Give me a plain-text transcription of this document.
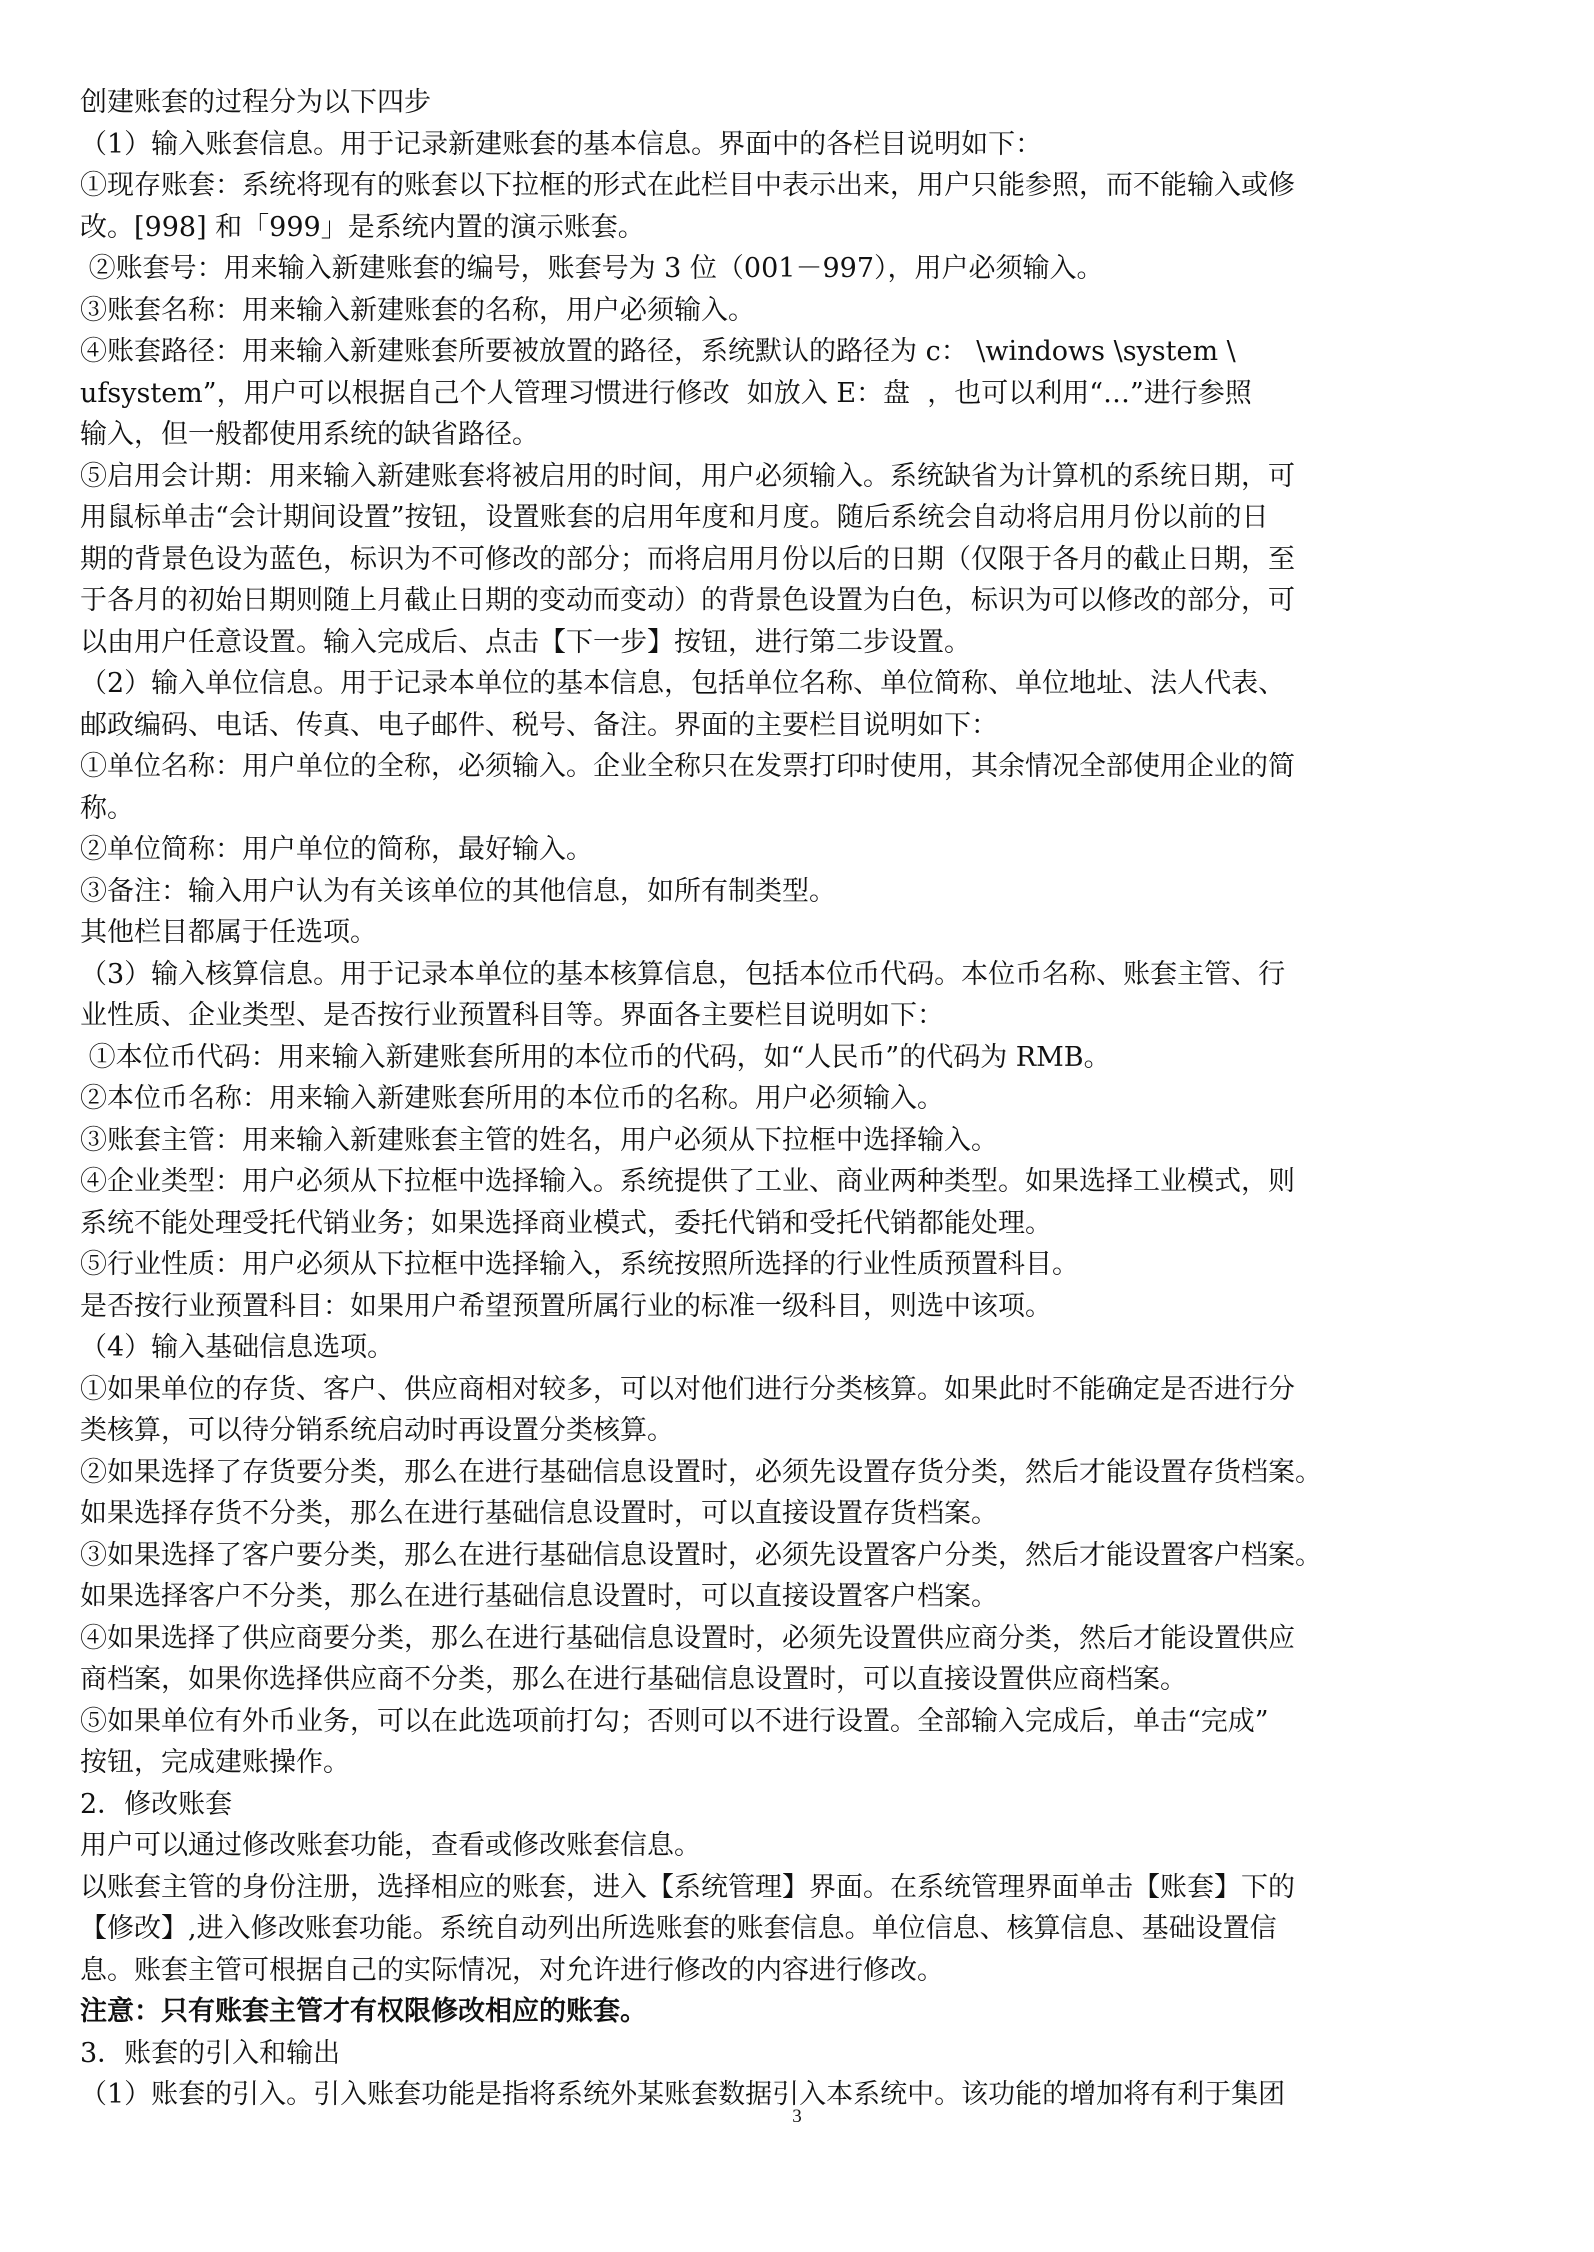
创建账套的过程分为以下四步
（1）输入账套信息。用于记录新建账套的基本信息。界面中的各栏目说明如下：
①现存账套：系统将现有的账套以下拉框的形式在此栏目中表示出来，用户只能参照，而不能输入或修
改。[998] 和「999」是系统内置的演示账套。
②账套号：用来输入新建账套的编号，账套号为 3 位（001－997），用户必须输入。
③账套名称：用来输入新建账套的名称，用户必须输入。
④账套路径：用来输入新建账套所要被放置的路径，系统默认的路径为 c： \windows \system \
ufsystem”，用户可以根据自己个人管理习惯进行修改  如放入 E：盘  ，也可以利用“…”进行参照
输入，但一般都使用系统的缺省路径。
⑤启用会计期：用来输入新建账套将被启用的时间，用户必须输入。系统缺省为计算机的系统日期，可
用鼠标单击“会计期间设置”按钮，设置账套的启用年度和月度。随后系统会自动将启用月份以前的日
期的背景色设为蓝色，标识为不可修改的部分；而将启用月份以后的日期（仅限于各月的截止日期，至
于各月的初始日期则随上月截止日期的变动而变动）的背景色设置为白色，标识为可以修改的部分，可
以由用户任意设置。输入完成后、点击【下一步】按钮，进行第二步设置。
（2）输入单位信息。用于记录本单位的基本信息，包括单位名称、单位简称、单位地址、法人代表、
邮政编码、电话、传真、电子邮件、税号、备注。界面的主要栏目说明如下：
①单位名称：用户单位的全称，必须输入。企业全称只在发票打印时使用，其余情况全部使用企业的简
称。
②单位简称：用户单位的简称，最好输入。
③备注：输入用户认为有关该单位的其他信息，如所有制类型。
其他栏目都属于任选项。
（3）输入核算信息。用于记录本单位的基本核算信息，包括本位币代码。本位币名称、账套主管、行
业性质、企业类型、是否按行业预置科目等。界面各主要栏目说明如下：
①本位币代码：用来输入新建账套所用的本位币的代码，如“人民币”的代码为 RMB。
②本位币名称：用来输入新建账套所用的本位币的名称。用户必须输入。
③账套主管：用来输入新建账套主管的姓名，用户必须从下拉框中选择输入。
④企业类型：用户必须从下拉框中选择输入。系统提供了工业、商业两种类型。如果选择工业模式，则
系统不能处理受托代销业务；如果选择商业模式，委托代销和受托代销都能处理。
⑤行业性质：用户必须从下拉框中选择输入，系统按照所选择的行业性质预置科目。
是否按行业预置科目：如果用户希望预置所属行业的标准一级科目，则选中该项。
（4）输入基础信息选项。
①如果单位的存货、客户、供应商相对较多，可以对他们进行分类核算。如果此时不能确定是否进行分
类核算，可以待分销系统启动时再设置分类核算。
②如果选择了存货要分类，那么在进行基础信息设置时，必须先设置存货分类，然后才能设置存货档案。
如果选择存货不分类，那么在进行基础信息设置时，可以直接设置存货档案。
③如果选择了客户要分类，那么在进行基础信息设置时，必须先设置客户分类，然后才能设置客户档案。
如果选择客户不分类，那么在进行基础信息设置时，可以直接设置客户档案。
④如果选择了供应商要分类，那么在进行基础信息设置时，必须先设置供应商分类，然后才能设置供应
商档案，如果你选择供应商不分类，那么在进行基础信息设置时，可以直接设置供应商档案。
⑤如果单位有外币业务，可以在此选项前打勾；否则可以不进行设置。全部输入完成后，单击“完成”
按钮，完成建账操作。
2．修改账套
用户可以通过修改账套功能，查看或修改账套信息。
以账套主管的身份注册，选择相应的账套，进入【系统管理】界面。在系统管理界面单击【账套】下的
【修改】,进入修改账套功能。系统自动列出所选账套的账套信息。单位信息、核算信息、基础设置信
息。账套主管可根据自己的实际情况，对允许进行修改的内容进行修改。
注意：只有账套主管才有权限修改相应的账套。
3．账套的引入和输出
（1）账套的引入。引入账套功能是指将系统外某账套数据引入本系统中。该功能的增加将有利于集团
3
